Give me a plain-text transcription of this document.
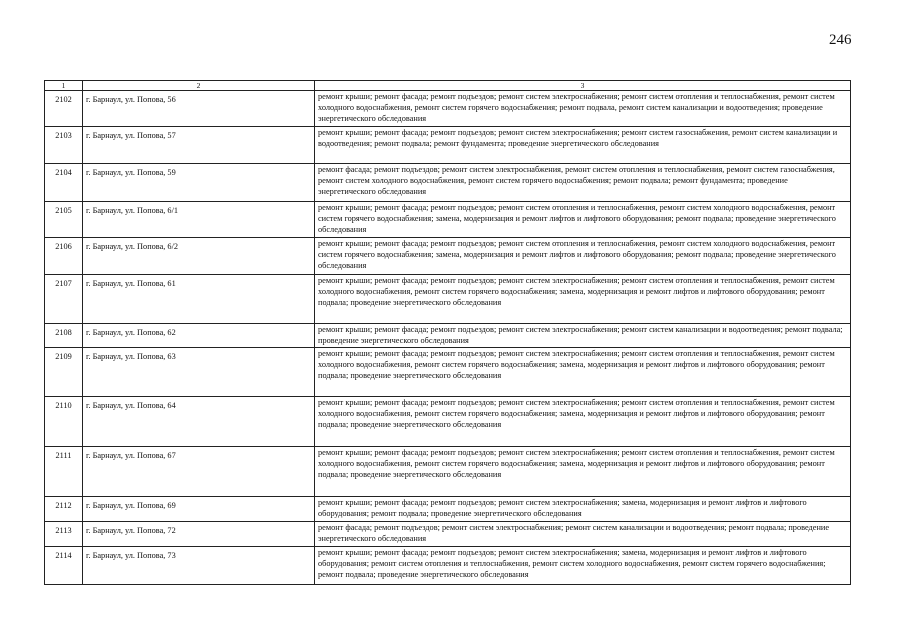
246
1	2	3
2102	г. Барнаул, ул. Попова, 56	ремонт крыши; ремонт фасада; ремонт подъездов; ремонт систем электроснабжения; ремонт систем отопления и теплоснабжения, ремонт систем холодного водоснабжения, ремонт систем горячего водоснабжения; ремонт подвала, ремонт систем канализации и водоотведения; проведение энергетического обследования
2103	г. Барнаул, ул. Попова, 57	ремонт крыши; ремонт фасада; ремонт подъездов; ремонт систем электроснабжения; ремонт систем газоснабжения, ремонт систем канализации и водоотведения; ремонт подвала; ремонт фундамента; проведение энергетического обследования
2104	г. Барнаул, ул. Попова, 59	ремонт фасада; ремонт подъездов; ремонт систем электроснабжения, ремонт систем отопления и теплоснабжения, ремонт систем газоснабжения, ремонт систем холодного водоснабжения, ремонт систем горячего водоснабжения; ремонт подвала; ремонт фундамента; проведение энергетического обследования
2105	г. Барнаул, ул. Попова, 6/1	ремонт крыши; ремонт фасада; ремонт подъездов; ремонт систем отопления и теплоснабжения, ремонт систем холодного водоснабжения, ремонт систем горячего водоснабжения; замена, модернизация и ремонт лифтов и лифтового оборудования; ремонт подвала; проведение энергетического обследования
2106	г. Барнаул, ул. Попова, 6/2	ремонт крыши; ремонт фасада; ремонт подъездов; ремонт систем отопления и теплоснабжения, ремонт систем холодного водоснабжения, ремонт систем горячего водоснабжения; замена, модернизация и ремонт лифтов и лифтового оборудования; ремонт подвала; проведение энергетического обследования
2107	г. Барнаул, ул. Попова, 61	ремонт крыши; ремонт фасада; ремонт подъездов; ремонт систем электроснабжения; ремонт систем отопления и теплоснабжения, ремонт систем холодного водоснабжения, ремонт систем горячего водоснабжения; замена, модернизация и ремонт лифтов и лифтового оборудования; ремонт подвала; проведение энергетического обследования
2108	г. Барнаул, ул. Попова, 62	ремонт крыши; ремонт фасада; ремонт подъездов; ремонт систем электроснабжения; ремонт систем канализации и водоотведения; ремонт подвала; проведение энергетического обследования
2109	г. Барнаул, ул. Попова, 63	ремонт крыши; ремонт фасада; ремонт подъездов; ремонт систем электроснабжения; ремонт систем отопления и теплоснабжения, ремонт систем холодного водоснабжения, ремонт систем горячего водоснабжения; замена, модернизация и ремонт лифтов и лифтового оборудования; ремонт подвала; проведение энергетического обследования
2110	г. Барнаул, ул. Попова, 64	ремонт крыши; ремонт фасада; ремонт подъездов; ремонт систем электроснабжения; ремонт систем отопления и теплоснабжения, ремонт систем холодного водоснабжения, ремонт систем горячего водоснабжения; замена, модернизация и ремонт лифтов и лифтового оборудования; ремонт подвала; проведение энергетического обследования
2111	г. Барнаул, ул. Попова, 67	ремонт крыши; ремонт фасада; ремонт подъездов; ремонт систем электроснабжения; ремонт систем отопления и теплоснабжения, ремонт систем холодного водоснабжения, ремонт систем горячего водоснабжения; замена, модернизация и ремонт лифтов и лифтового оборудования; ремонт подвала; проведение энергетического обследования
2112	г. Барнаул, ул. Попова, 69	ремонт крыши; ремонт фасада; ремонт подъездов; ремонт систем электроснабжения; замена, модернизация и ремонт лифтов и лифтового оборудования; ремонт подвала; проведение энергетического обследования
2113	г. Барнаул, ул. Попова, 72	ремонт фасада; ремонт подъездов; ремонт систем электроснабжения; ремонт систем канализации и водоотведения; ремонт подвала; проведение энергетического обследования
2114	г. Барнаул, ул. Попова, 73	ремонт крыши; ремонт фасада; ремонт подъездов; ремонт систем электроснабжения; замена, модернизация и ремонт лифтов и лифтового оборудования; ремонт систем отопления и теплоснабжения, ремонт систем холодного водоснабжения, ремонт систем горячего водоснабжения; ремонт подвала; проведение энергетического обследования
